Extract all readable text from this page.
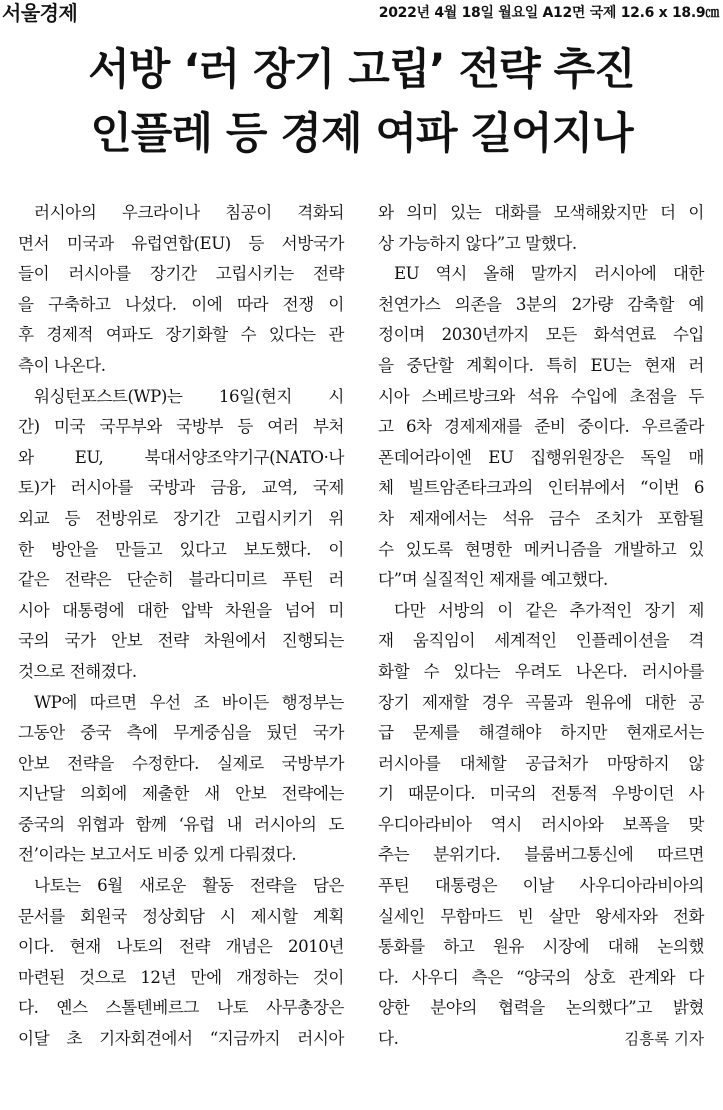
서울경제	2022년 4월 18일 월요일 A12면 국제 12.6 x 18.9㎝
서방 ‘러 장기 고립’ 전략 추진
인플레 등 경제 여파 길어지나
러시아의 우크라이나 침공이 격화되
면서 미국과 유럽연합(EU) 등 서방국가
들이 러시아를 장기간 고립시키는 전략
을 구축하고 나섰다. 이에 따라 전쟁 이
후 경제적 여파도 장기화할 수 있다는 관
측이 나온다.
워싱턴포스트(WP)는 16일(현지 시
간) 미국 국무부와 국방부 등 여러 부처
와 EU, 북대서양조약기구(NATO·나
토)가 러시아를 국방과 금융, 교역, 국제
외교 등 전방위로 장기간 고립시키기 위
한 방안을 만들고 있다고 보도했다. 이
같은 전략은 단순히 블라디미르 푸틴 러
시아 대통령에 대한 압박 차원을 넘어 미
국의 국가 안보 전략 차원에서 진행되는
것으로 전해졌다.
WP에 따르면 우선 조 바이든 행정부는
그동안 중국 측에 무게중심을 뒀던 국가
안보 전략을 수정한다. 실제로 국방부가
지난달 의회에 제출한 새 안보 전략에는
중국의 위협과 함께 ‘유럽 내 러시아의 도
전’이라는 보고서도 비중 있게 다뤄졌다.
나토는 6월 새로운 활동 전략을 담은
문서를 회원국 정상회담 시 제시할 계획
이다. 현재 나토의 전략 개념은 2010년
마련된 것으로 12년 만에 개정하는 것이
다. 옌스 스톨텐베르그 나토 사무총장은
이달 초 기자회견에서 “지금까지 러시아
와 의미 있는 대화를 모색해왔지만 더 이
상 가능하지 않다”고 말했다.
EU 역시 올해 말까지 러시아에 대한
천연가스 의존을 3분의 2가량 감축할 예
정이며 2030년까지 모든 화석연료 수입
을 중단할 계획이다. 특히 EU는 현재 러
시아 스베르방크와 석유 수입에 초점을 두
고 6차 경제제재를 준비 중이다. 우르줄라
폰데어라이엔 EU 집행위원장은 독일 매
체 빌트암존타크과의 인터뷰에서 “이번 6
차 제재에서는 석유 금수 조치가 포함될
수 있도록 현명한 메커니즘을 개발하고 있
다”며 실질적인 제재를 예고했다.
다만 서방의 이 같은 추가적인 장기 제
재 움직임이 세계적인 인플레이션을 격
화할 수 있다는 우려도 나온다. 러시아를
장기 제재할 경우 곡물과 원유에 대한 공
급 문제를 해결해야 하지만 현재로서는
러시아를 대체할 공급처가 마땅하지 않
기 때문이다. 미국의 전통적 우방이던 사
우디아라비아 역시 러시아와 보폭을 맞
추는 분위기다. 블룸버그통신에 따르면
푸틴 대통령은 이날 사우디아라비아의
실세인 무함마드 빈 살만 왕세자와 전화
통화를 하고 원유 시장에 대해 논의했
다. 사우디 측은 “양국의 상호 관계와 다
양한 분야의 협력을 논의했다”고 밝혔
다.	김흥록 기자
